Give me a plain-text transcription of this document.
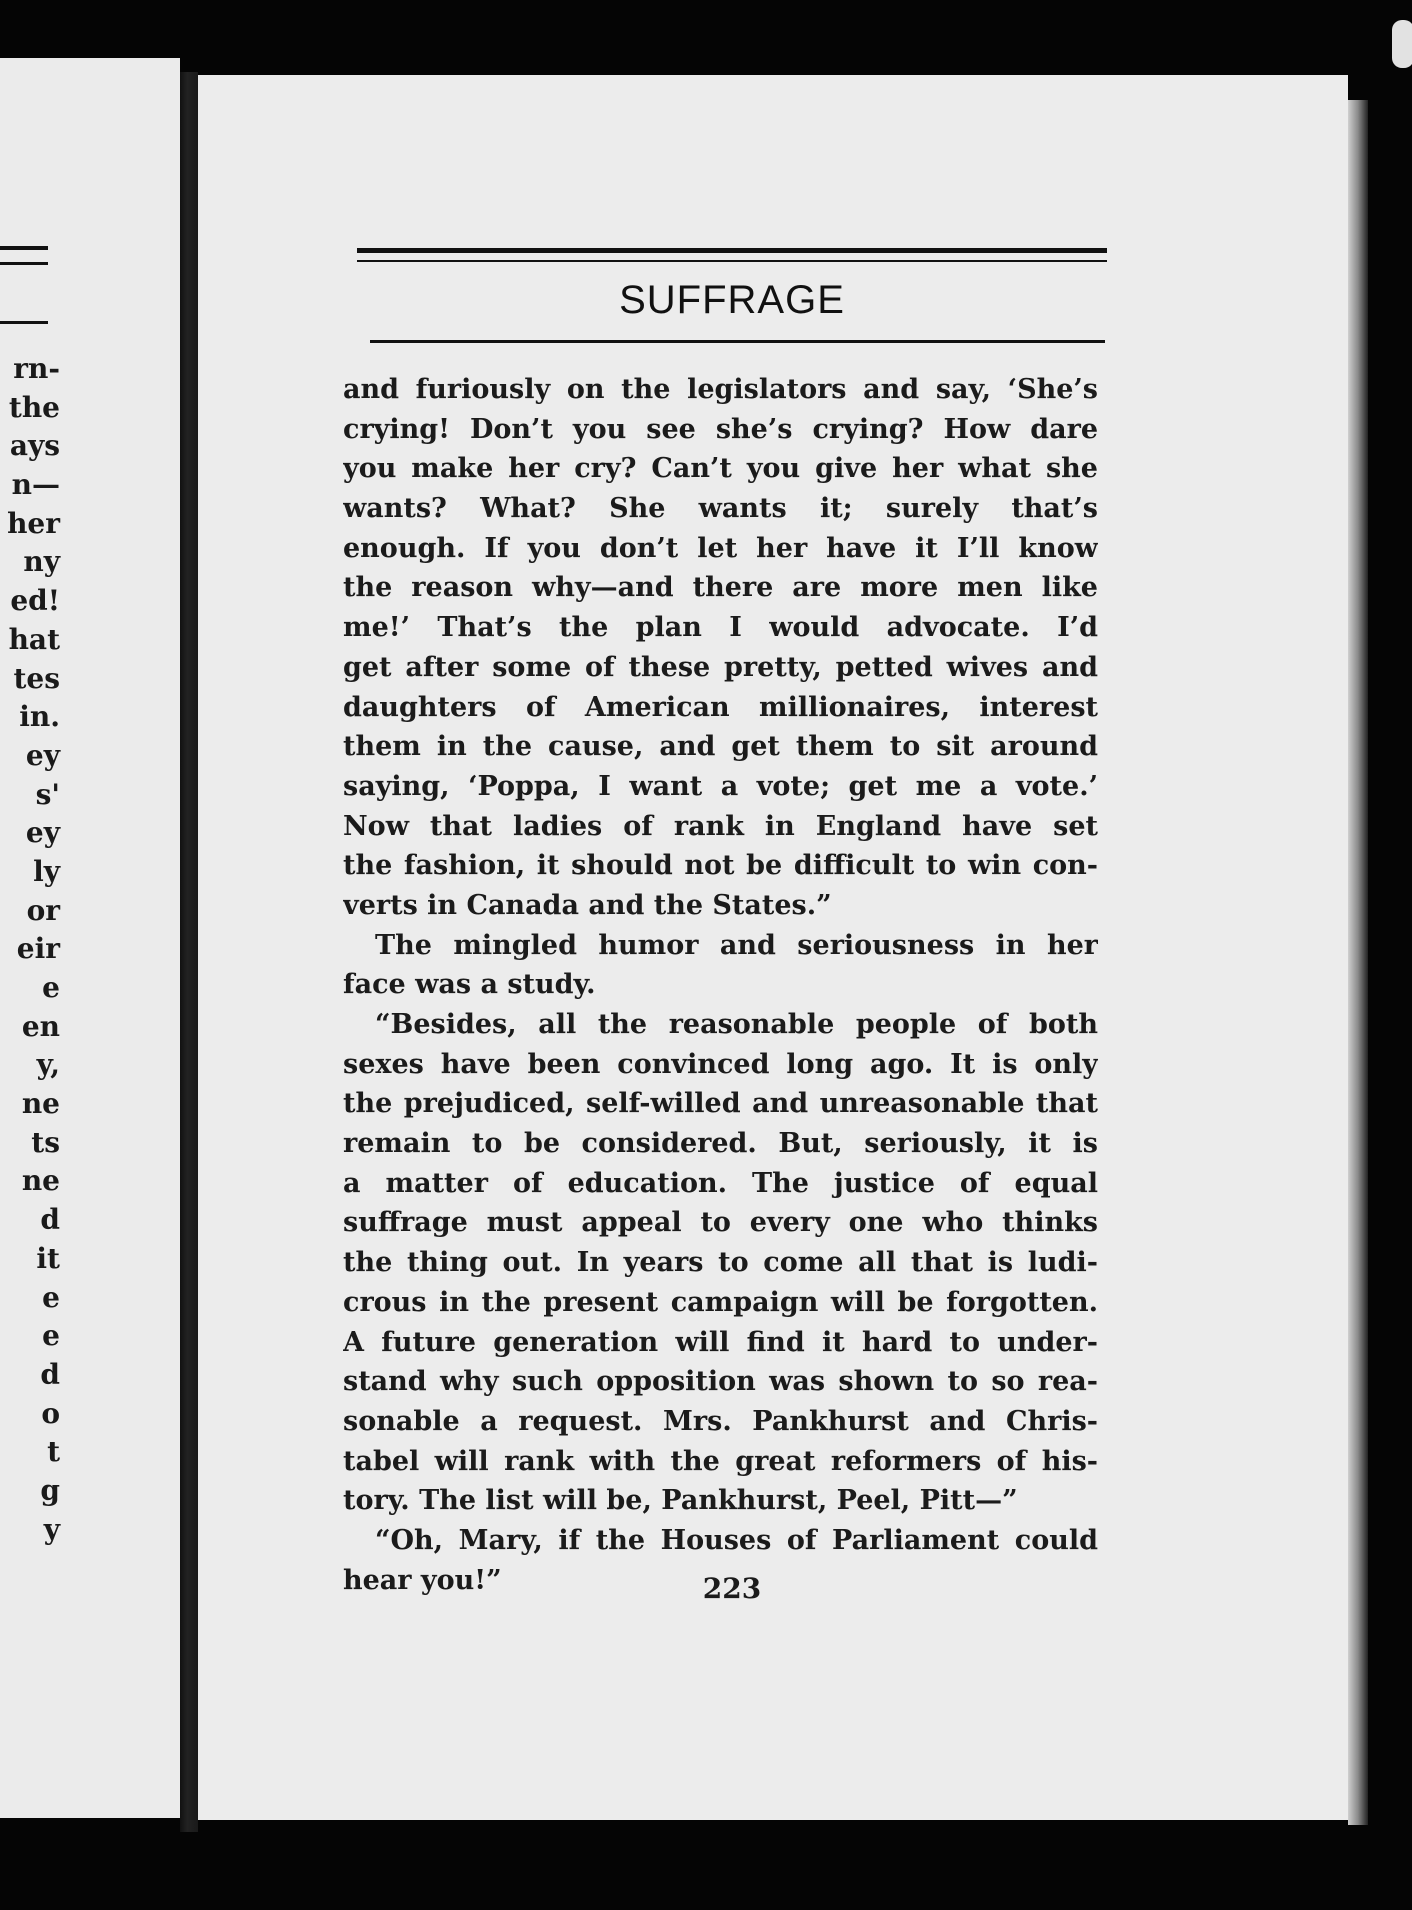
rn-
the
ays
n—
her
ny
ed!
hat
tes
in.
ey
s'
ey
ly
or
eir
e
en
y,
ne
ts
ne
d
it
e
e
d
o
t
g
y
SUFFRAGE
and furiously on the legislators and say, ‘She’s
crying! Don’t you see she’s crying? How dare
you make her cry? Can’t you give her what she
wants? What? She wants it; surely that’s
enough. If you don’t let her have it I’ll know
the reason why—and there are more men like
me!’ That’s the plan I would advocate. I’d
get after some of these pretty, petted wives and
daughters of American millionaires, interest
them in the cause, and get them to sit around
saying, ‘Poppa, I want a vote; get me a vote.’
Now that ladies of rank in England have set
the fashion, it should not be difficult to win con-
verts in Canada and the States.”
The mingled humor and seriousness in her
face was a study.
“Besides, all the reasonable people of both
sexes have been convinced long ago. It is only
the prejudiced, self-willed and unreasonable that
remain to be considered. But, seriously, it is
a matter of education. The justice of equal
suffrage must appeal to every one who thinks
the thing out. In years to come all that is ludi-
crous in the present campaign will be forgotten.
A future generation will find it hard to under-
stand why such opposition was shown to so rea-
sonable a request. Mrs. Pankhurst and Chris-
tabel will rank with the great reformers of his-
tory. The list will be, Pankhurst, Peel, Pitt—”
“Oh, Mary, if the Houses of Parliament could
hear you!”	223
